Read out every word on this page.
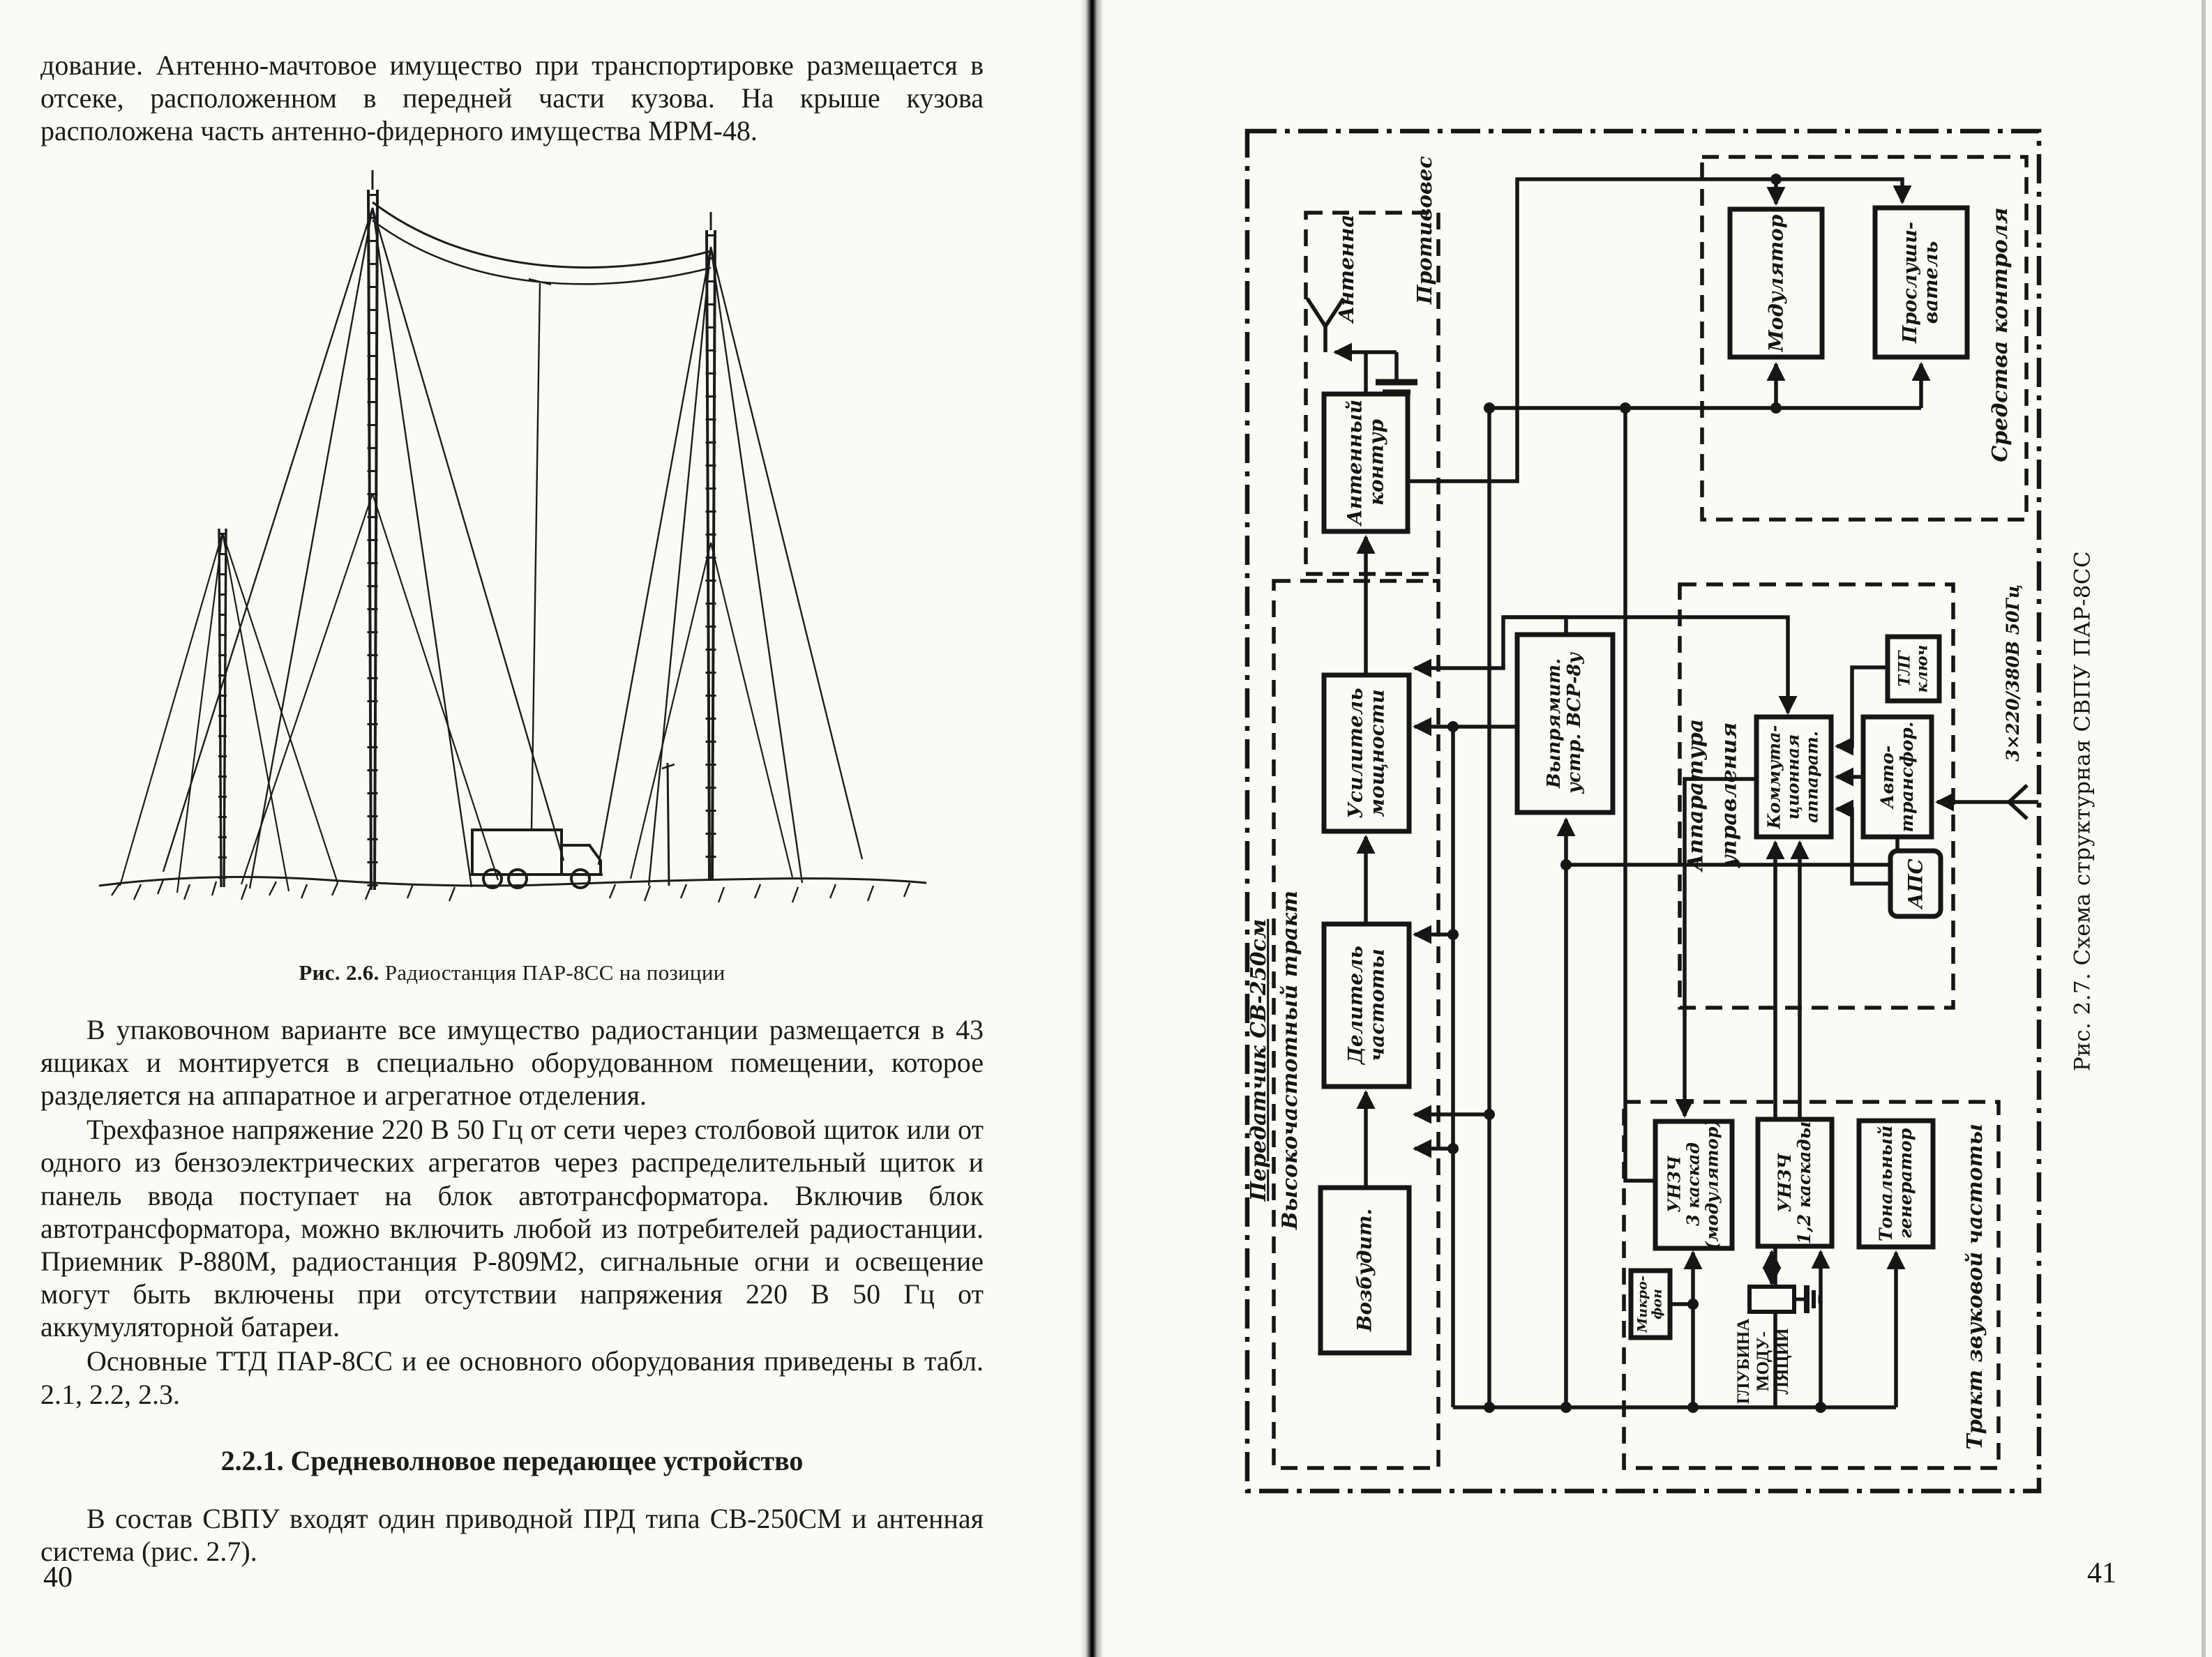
дование. Антенно-мачтовое имущество при транспортировке размещается в отсеке, расположенном в передней части кузова. На крыше кузова расположена часть антенно-фидерного имущества МРМ-48.

Рис. 2.6. Радиостанция ПАР-8СС на позиции

В упаковочном варианте все имущество радиостанции размещается в 43 ящиках и монтируется в специально оборудованном помещении, которое разделяется на аппаратное и агрегатное отделения.

Трехфазное напряжение 220 В 50 Гц от сети через столбовой щиток или от одного из бензоэлектрических агрегатов через распределительный щиток и панель ввода поступает на блок автотрансформатора. Включив блок автотрансформатора, можно включить любой из потребителей радиостанции. Приемник Р-880М, радиостанция Р-809М2, сигнальные огни и освещение могут быть включены при отсутствии напряжения 220 В 50 Гц от аккумуляторной батареи.

Основные ТТД ПАР-8СС и ее основного оборудования приведены в табл. 2.1, 2.2, 2.3.

2.2.1. Средневолновое передающее устройство

В состав СВПУ входят один приводной ПРД типа СВ-250СМ и антенная система (рис. 2.7).

40
Антенна	Противовес
Антенный
контур
Усилитель
мощности
Делитель
частоты
Возбудит.
Выпрямит. устр. ВСР-8у
Модулятор	Прослуши- ватель
Коммута-
ционная
аппарат.
ТЛГ
ключ
Авто- трансфор.
АПС
УНЗЧ
3 каскад
(модулятор)	УНЗЧ 1,2 каскады	Тональный генератор
Микро- фон
ГЛУБИНА МОДУ- ЛЯЦИИ
Передатчик СВ-250см Высокочастотный тракт
Средства контроля
Аппаратура управления
Тракт звуковой частоты
3×220/380В 50Гц Рис. 2.7. Схема структурная СВПУ ПАР-8СС
41
